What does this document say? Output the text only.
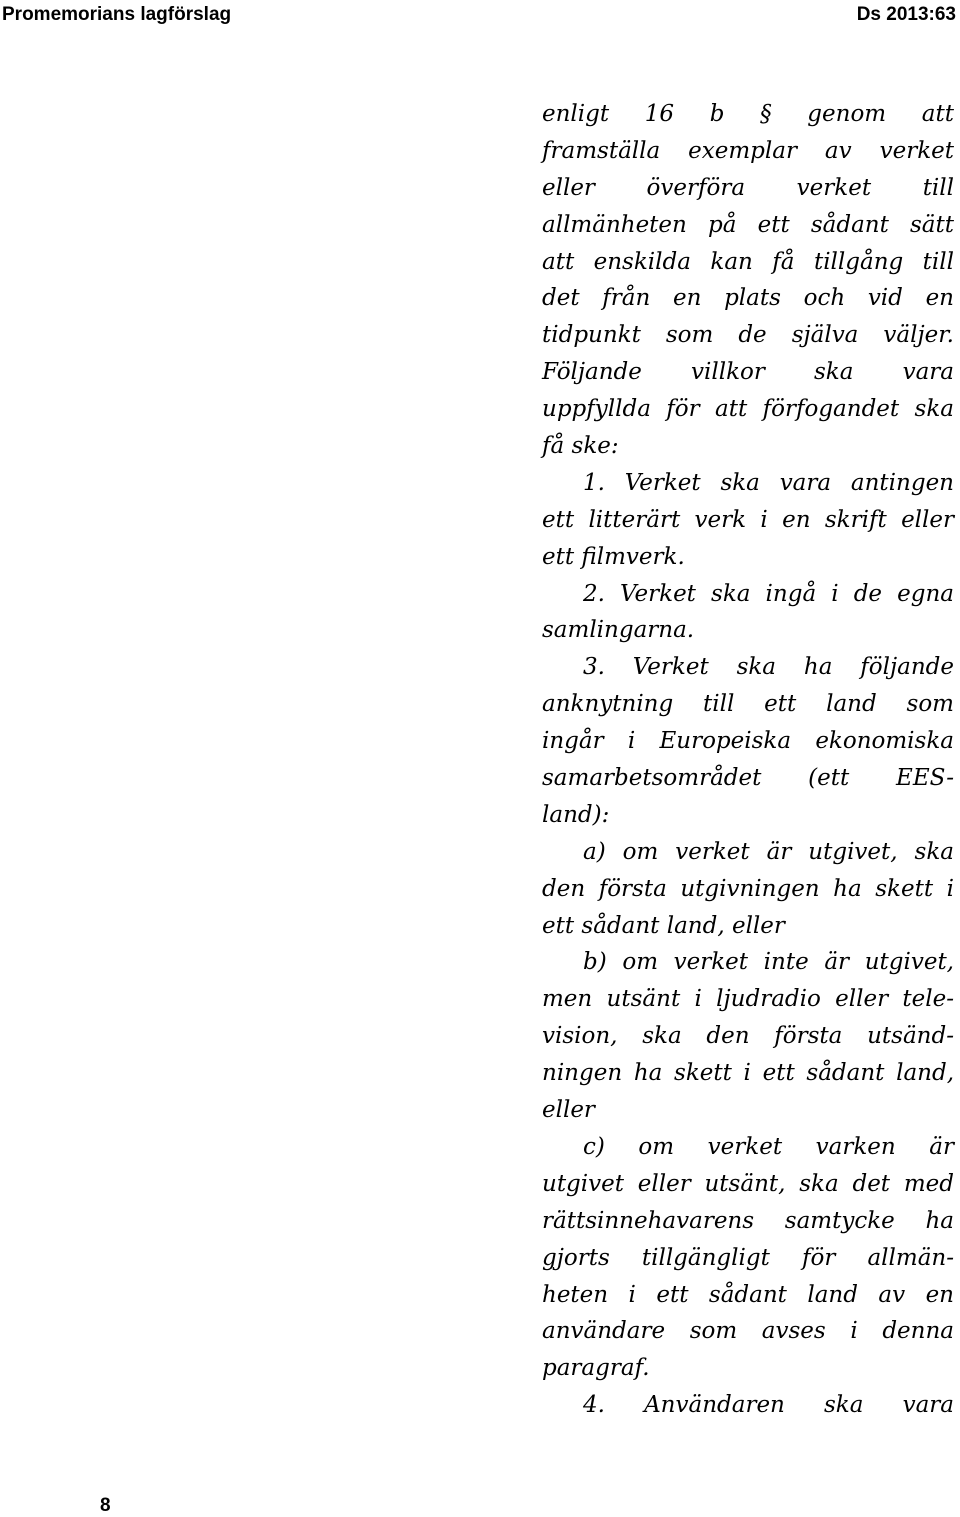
Promemorians lagförslag	Ds 2013:63
enligt 16 b § genom att
framställa exemplar av verket
eller överföra verket till
allmänheten på ett sådant sätt
att enskilda kan få tillgång till
det från en plats och vid en
tidpunkt som de själva väljer.
Följande villkor ska vara
uppfyllda för att förfogandet ska
få ske:
1. Verket ska vara antingen
ett litterärt verk i en skrift eller
ett filmverk.
2. Verket ska ingå i de egna
samlingarna.
3. Verket ska ha följande
anknytning till ett land som
ingår i Europeiska ekonomiska
samarbetsområdet (ett EES-
land):
a) om verket är utgivet, ska
den första utgivningen ha skett i
ett sådant land, eller
b) om verket inte är utgivet,
men utsänt i ljudradio eller tele-
vision, ska den första utsänd-
ningen ha skett i ett sådant land,
eller
c) om verket varken är
utgivet eller utsänt, ska det med
rättsinnehavarens samtycke ha
gjorts tillgängligt för allmän-
heten i ett sådant land av en
användare som avses i denna
paragraf.
4. Användaren ska vara
8
